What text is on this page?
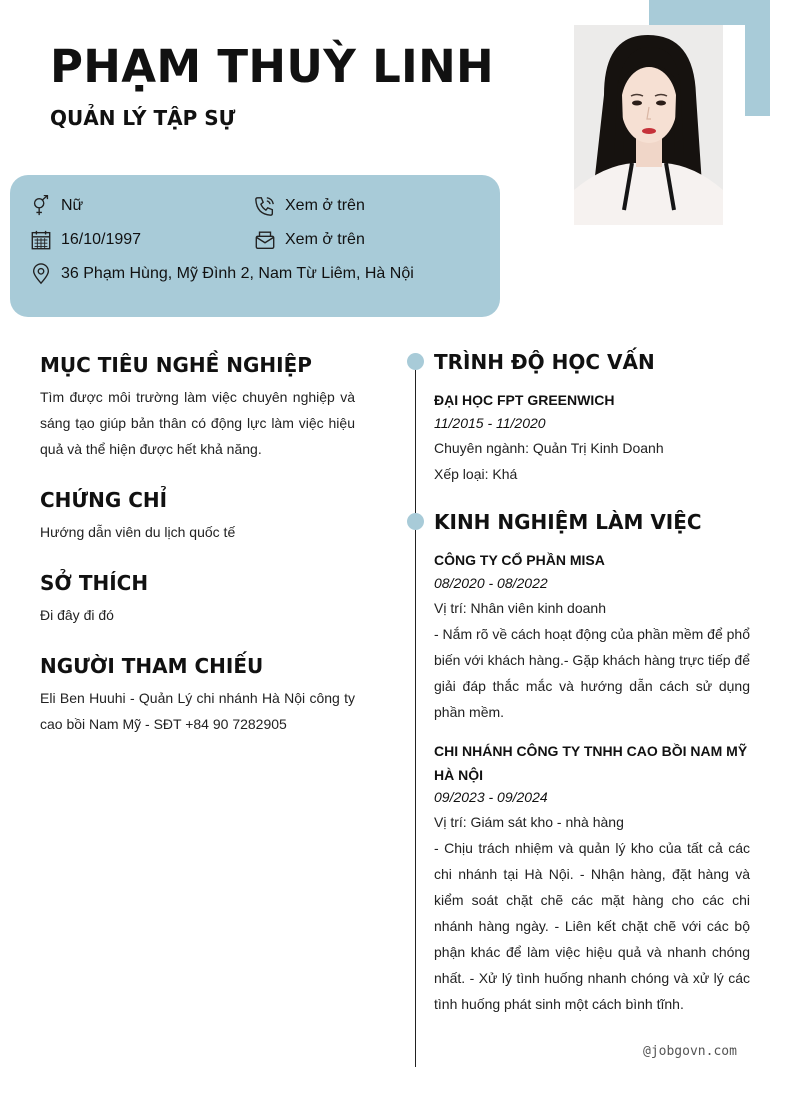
PHẠM THUỲ LINH
QUẢN LÝ TẬP SỰ
Nữ	Xem ở trên
16/10/1997	Xem ở trên
36 Phạm Hùng, Mỹ Đình 2, Nam Từ Liêm, Hà Nội
MỤC TIÊU NGHỀ NGHIỆP
Tìm được môi trường làm việc chuyên nghiệp và sáng tạo giúp bản thân có động lực làm việc hiệu quả và thể hiện được hết khả năng.
CHỨNG CHỈ
Hướng dẫn viên du lịch quốc tế
SỞ THÍCH
Đi đây đi đó
NGƯỜI THAM CHIẾU
Eli Ben Huuhi - Quản Lý chi nhánh Hà Nội công ty cao bồi Nam Mỹ - SĐT +84 90 7282905
TRÌNH ĐỘ HỌC VẤN
ĐẠI HỌC FPT GREENWICH
11/2015 - 11/2020
Chuyên ngành: Quản Trị Kinh Doanh
Xếp loại: Khá
KINH NGHIỆM LÀM VIỆC
CÔNG TY CỔ PHẦN MISA
08/2020 - 08/2022
Vị trí: Nhân viên kinh doanh
- Nắm rõ về cách hoạt động của phần mềm để phổ biến với khách hàng.- Gặp khách hàng trực tiếp để giải đáp thắc mắc và hướng dẫn cách sử dụng phần mềm.
CHI NHÁNH CÔNG TY TNHH CAO BỒI NAM MỸ HÀ NỘI
09/2023 - 09/2024
Vị trí: Giám sát kho - nhà hàng
- Chịu trách nhiệm và quản lý kho của tất cả các chi nhánh tại Hà Nội. - Nhận hàng, đặt hàng và kiểm soát chặt chẽ các mặt hàng cho các chi nhánh hàng ngày. - Liên kết chặt chẽ với các bộ phận khác để làm việc hiệu quả và nhanh chóng nhất. - Xử lý tình huống nhanh chóng và xử lý các tình huống phát sinh một cách bình tĩnh.
@jobgovn.com
